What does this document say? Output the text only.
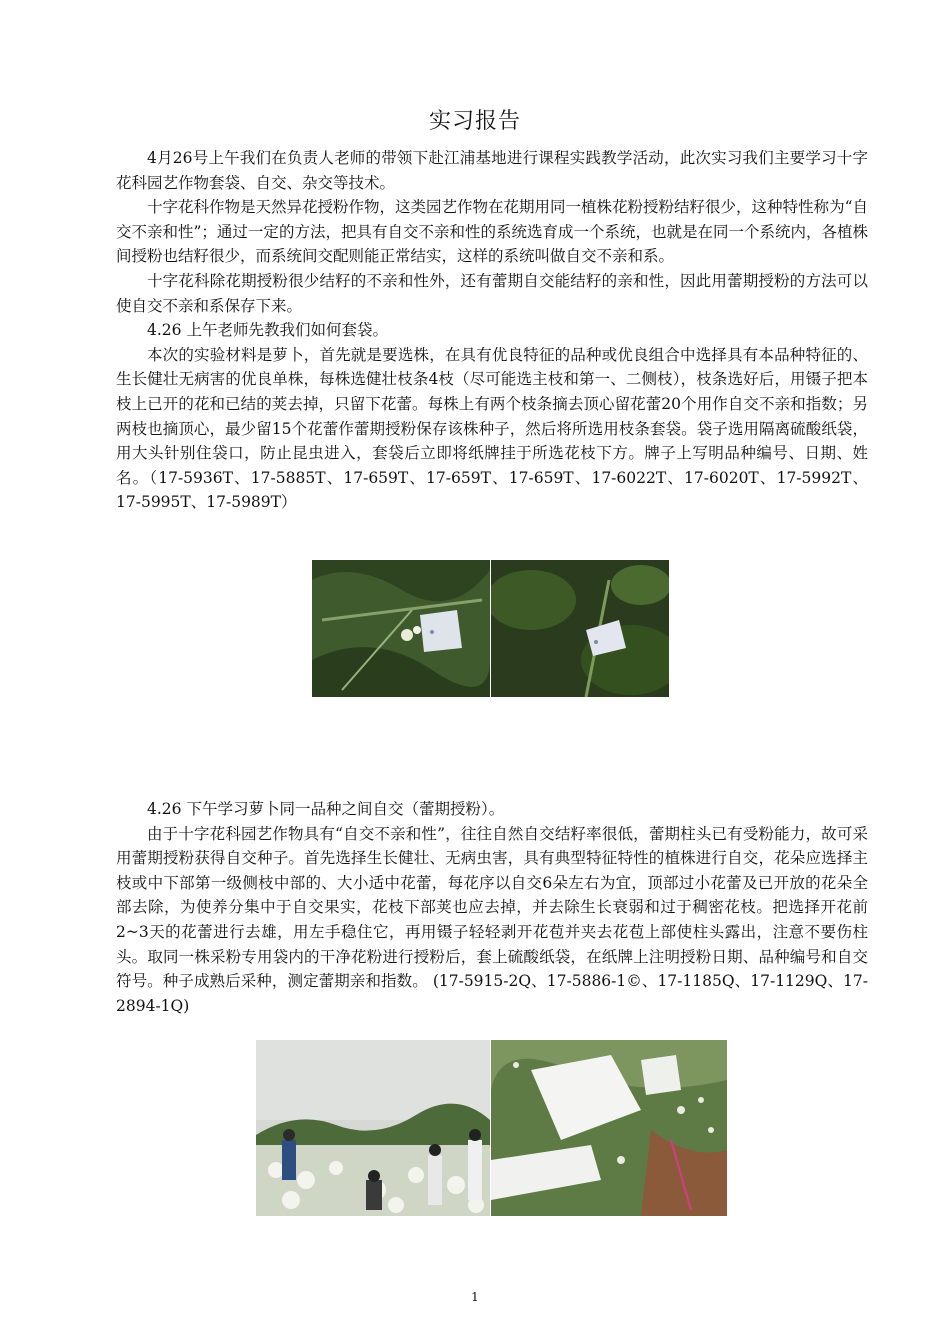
实习报告

4月26号上午我们在负责人老师的带领下赴江浦基地进行课程实践教学活动，此次实习我们主要学习十字花科园艺作物套袋、自交、杂交等技术。

十字花科作物是天然异花授粉作物，这类园艺作物在花期用同一植株花粉授粉结籽很少，这种特性称为“自交不亲和性”；通过一定的方法，把具有自交不亲和性的系统选育成一个系统，也就是在同一个系统内，各植株间授粉也结籽很少，而系统间交配则能正常结实，这样的系统叫做自交不亲和系。

十字花科除花期授粉很少结籽的不亲和性外，还有蕾期自交能结籽的亲和性，因此用蕾期授粉的方法可以使自交不亲和系保存下来。

4.26 上午老师先教我们如何套袋。

本次的实验材料是萝卜，首先就是要选株，在具有优良特征的品种或优良组合中选择具有本品种特征的、生长健壮无病害的优良单株，每株选健壮枝条4枝（尽可能选主枝和第一、二侧枝），枝条选好后，用镊子把本枝上已开的花和已结的荚去掉，只留下花蕾。每株上有两个枝条摘去顶心留花蕾20个用作自交不亲和指数；另两枝也摘顶心，最少留15个花蕾作蕾期授粉保存该株种子，然后将所选用枝条套袋。袋子选用隔离硫酸纸袋，用大头针别住袋口，防止昆虫进入，套袋后立即将纸牌挂于所选花枝下方。牌子上写明品种编号、日期、姓名。（17-5936T、17-5885T、17-659T、17-659T、17-659T、17-6022T、17-6020T、17-5992T、17-5995T、17-5989T）

4.26 下午学习萝卜同一品种之间自交（蕾期授粉）。

由于十字花科园艺作物具有“自交不亲和性”，往往自然自交结籽率很低，蕾期柱头已有受粉能力，故可采用蕾期授粉获得自交种子。首先选择生长健壮、无病虫害，具有典型特征特性的植株进行自交，花朵应选择主枝或中下部第一级侧枝中部的、大小适中花蕾，每花序以自交6朵左右为宜，顶部过小花蕾及已开放的花朵全部去除，为使养分集中于自交果实，花枝下部荚也应去掉，并去除生长衰弱和过于稠密花枝。把选择开花前2~3天的花蕾进行去雄，用左手稳住它，再用镊子轻轻剥开花苞并夹去花苞上部使柱头露出，注意不要伤柱头。取同一株采粉专用袋内的干净花粉进行授粉后，套上硫酸纸袋，在纸牌上注明授粉日期、品种编号和自交符号。种子成熟后采种，测定蕾期亲和指数。 (17-5915-2Q、17-5886-1©、17-1185Q、17-1129Q、17-2894-1Q)

1
